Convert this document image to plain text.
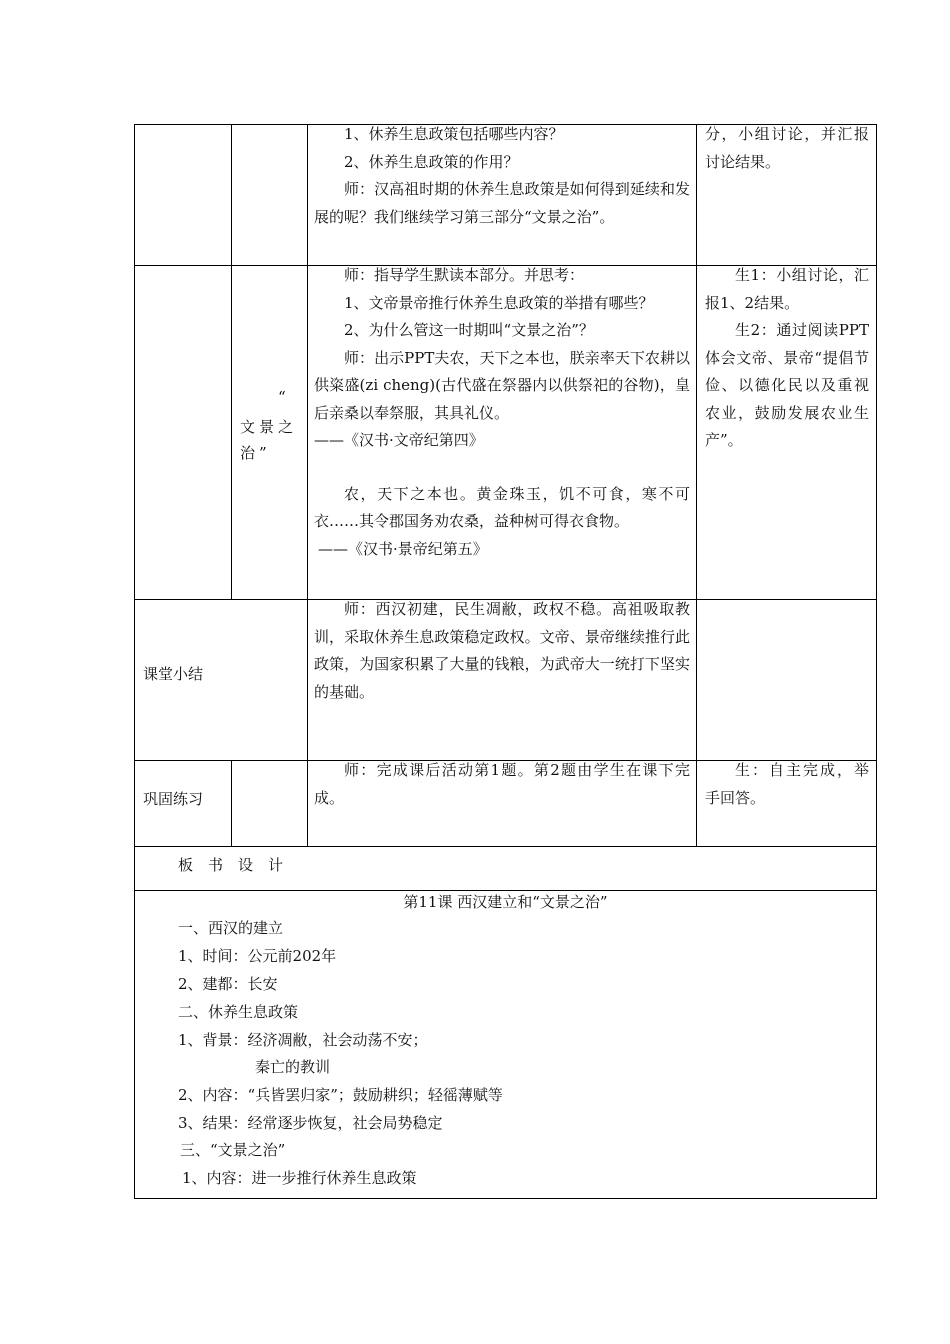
1、休养生息政策包括哪些内容？
2、休养生息政策的作用？
师：汉高祖时期的休养生息政策是如何得到延续和发展的呢？我们继续学习第三部分“文景之治”。
分，小组讨论，并汇报讨论结果。
“
文景之治”
师：指导学生默读本部分。并思考：
1、文帝景帝推行休养生息政策的举措有哪些？
2、为什么管这一时期叫“文景之治”？
师：出示PPT夫农，天下之本也，朕亲率天下农耕以供粢盛(zi cheng)(古代盛在祭器内以供祭祀的谷物)，皇后亲桑以奉祭服，其具礼仪。
——《汉书·文帝纪第四》
农，天下之本也。黄金珠玉，饥不可食，寒不可衣……其令郡国务劝农桑，益种树可得衣食物。
——《汉书·景帝纪第五》
生1：小组讨论，汇报1、2结果。
生2：通过阅读PPT体会文帝、景帝“提倡节俭、以德化民以及重视农业，鼓励发展农业生产”。
课堂小结
师：西汉初建，民生凋敝，政权不稳。高祖吸取教训，采取休养生息政策稳定政权。文帝、景帝继续推行此政策，为国家积累了大量的钱粮，为武帝大一统打下坚实的基础。
巩固练习
师：完成课后活动第1题。第2题由学生在课下完成。
生：自主完成，举手回答。
板　书　设　计
第11课 西汉建立和“文景之治”
一、西汉的建立
1、时间：公元前202年
2、建都：长安
二、休养生息政策
1、背景：经济凋敝，社会动荡不安；
秦亡的教训
2、内容：“兵皆罢归家”；鼓励耕织；轻徭薄赋等
3、结果：经常逐步恢复，社会局势稳定
三、“文景之治”
1、内容：进一步推行休养生息政策
